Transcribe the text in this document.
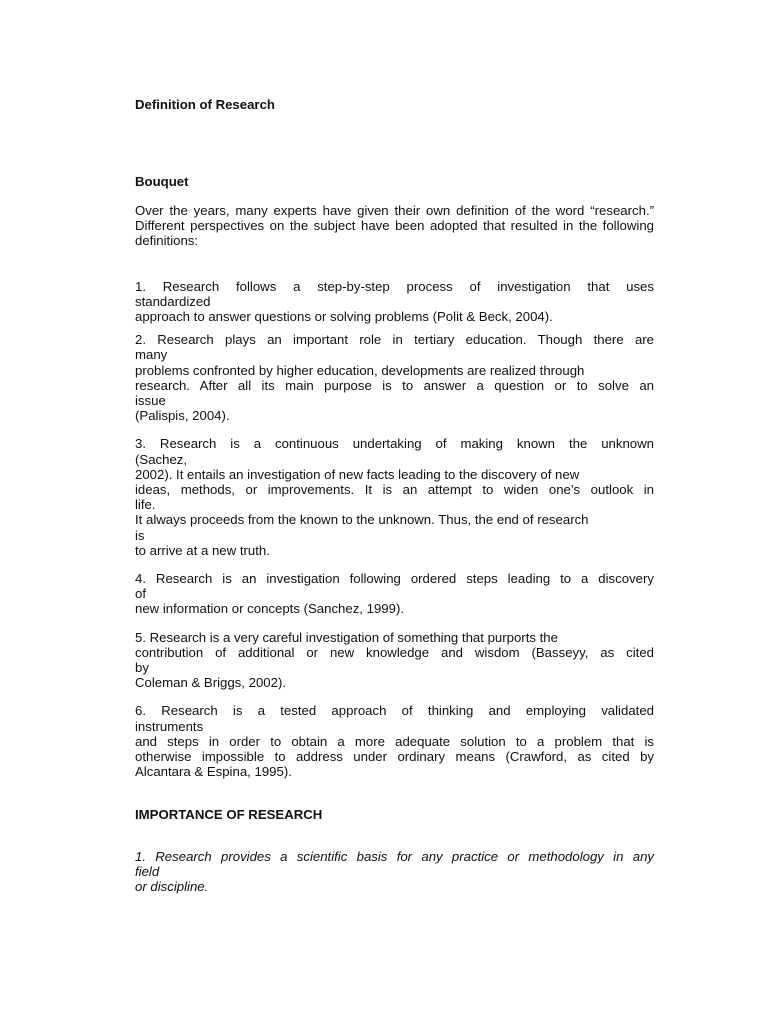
Definition of Research

Bouquet

Over the years, many experts have given their own definition of the word “research.” Different perspectives on the subject have been adopted that resulted in the following definitions:

1. Research follows a step-by-step process of investigation that uses
standardized
approach to answer questions or solving problems (Polit & Beck, 2004).
2. Research plays an important role in tertiary education. Though there are
many
problems confronted by higher education, developments are realized through
research. After all its main purpose is to answer a question or to solve an
issue
(Palispis, 2004).
3. Research is a continuous undertaking of making known the unknown
(Sachez,
2002). It entails an investigation of new facts leading to the discovery of new
ideas, methods, or improvements. It is an attempt to widen one’s outlook in
life.
It always proceeds from the known to the unknown. Thus, the end of research
is
to arrive at a new truth.
4. Research is an investigation following ordered steps leading to a discovery
of
new information or concepts (Sanchez, 1999).
5. Research is a very careful investigation of something that purports the
contribution of additional or new knowledge and wisdom (Basseyy, as cited
by
Coleman & Briggs, 2002).
6. Research is a tested approach of thinking and employing validated
instruments
and steps in order to obtain a more adequate solution to a problem that is
otherwise impossible to address under ordinary means (Crawford, as cited by
Alcantara & Espina, 1995).

IMPORTANCE OF RESEARCH

1. Research provides a scientific basis for any practice or methodology in any
field
or discipline.
